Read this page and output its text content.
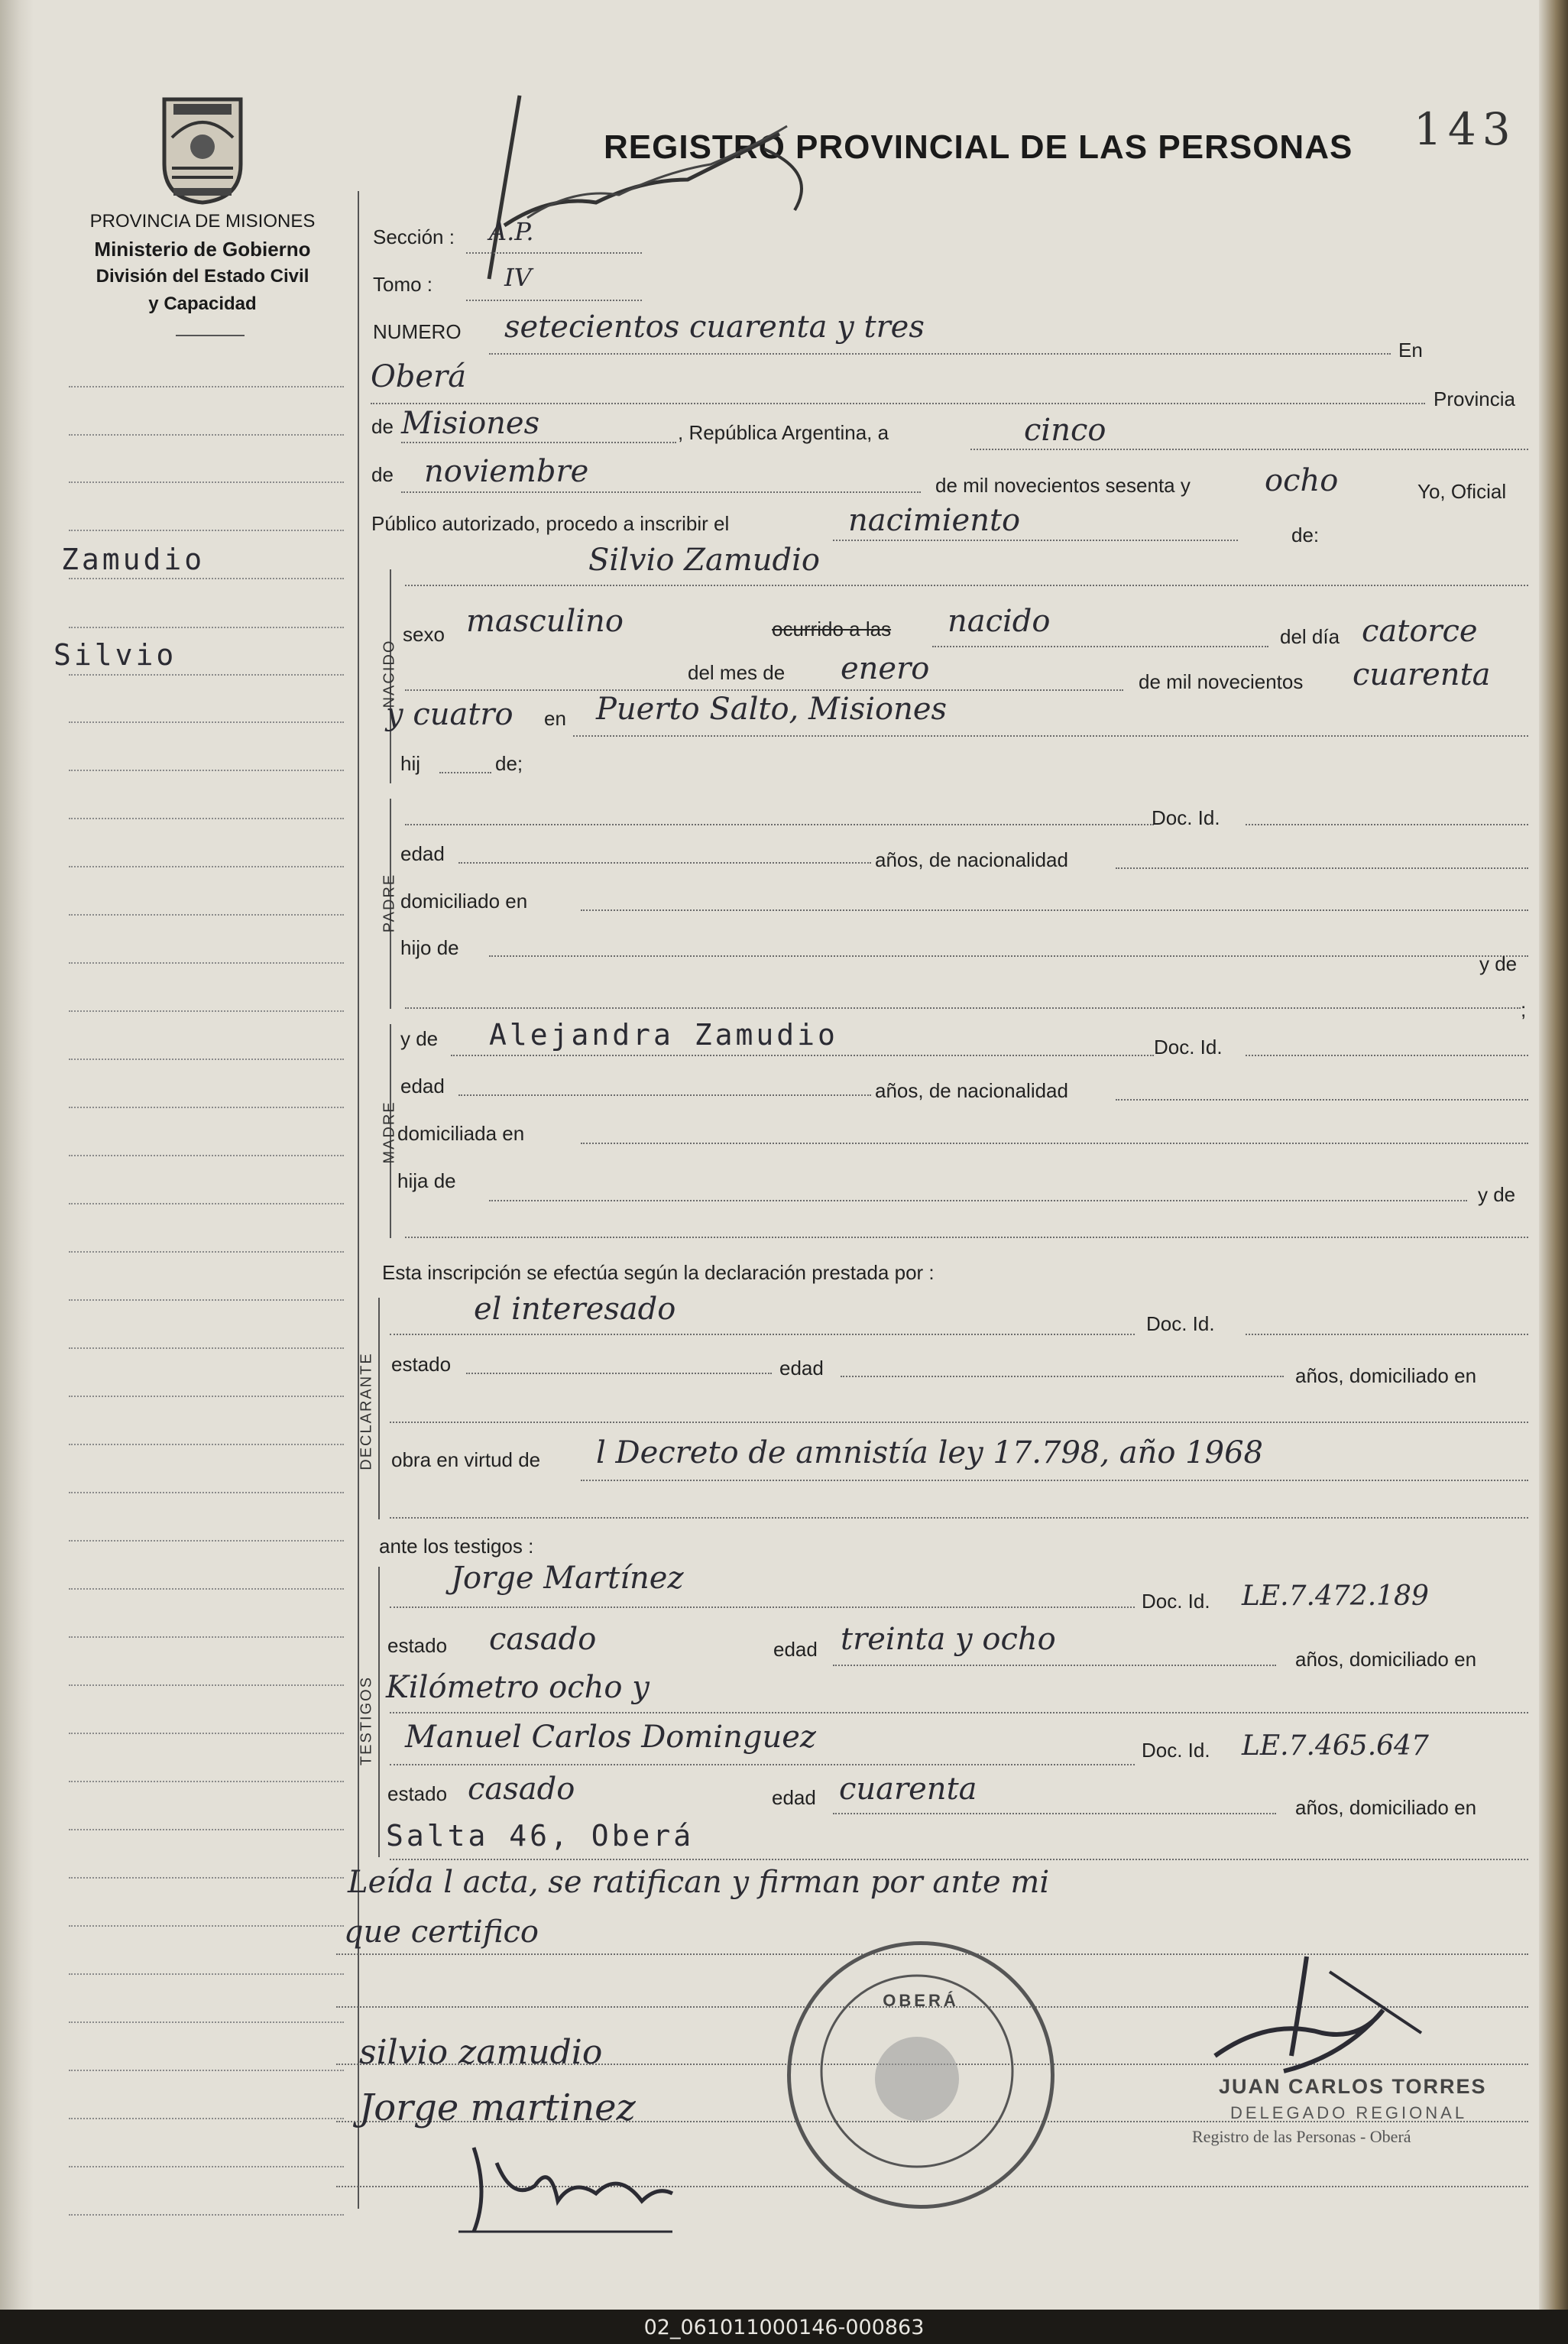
PROVINCIA DE MISIONES
Ministerio de Gobierno
División del Estado Civil
y Capacidad
REGISTRO PROVINCIAL DE LAS PERSONAS 143
Zamudio
Silvio
Sección : A.P.
Tomo :	IV
NUMERO setecientos cuarenta y tres
En
Oberá
Provincia
de Misiones	, República Argentina, a	cinco
de noviembre	de mil novecientos sesenta y ocho	Yo, Oficial
Público autorizado, procedo a inscribir el	nacimiento	de:
NACIDO
Silvio Zamudio
sexo masculino	ocurrido a las nacido	del día catorce
del mes de enero	de mil novecientos cuarenta
y cuatro en Puerto Salto, Misiones
hij	de;
PADRE
Doc. Id.
edad	años, de nacionalidad
domiciliado en
hijo de
y de
;
MADRE
y de Alejandra Zamudio	Doc. Id.
edad	años, de nacionalidad
domiciliada en
hija de
y de
Esta inscripción se efectúa según la declaración prestada por :
DECLARANTE
el interesado	Doc. Id.
estado	edad	años, domiciliado en
obra en virtud de l Decreto de amnistía ley 17.798, año 1968
ante los testigos :
TESTIGOS
Jorge Martínez
Doc. Id. LE.7.472.189
estado casado	edad treinta y ocho
años, domiciliado en
Kilómetro ocho y
Manuel Carlos Dominguez	Doc. Id. LE.7.465.647
estado casado	edad cuarenta
años, domiciliado en
Salta 46, Oberá
Leída l acta, se ratifican y firman por ante mi
que certifico
silvio zamudio
Jorge martinez
OBERÁ
JUAN CARLOS TORRES
DELEGADO REGIONAL
Registro de las Personas - Oberá
02_061011000146-000863
